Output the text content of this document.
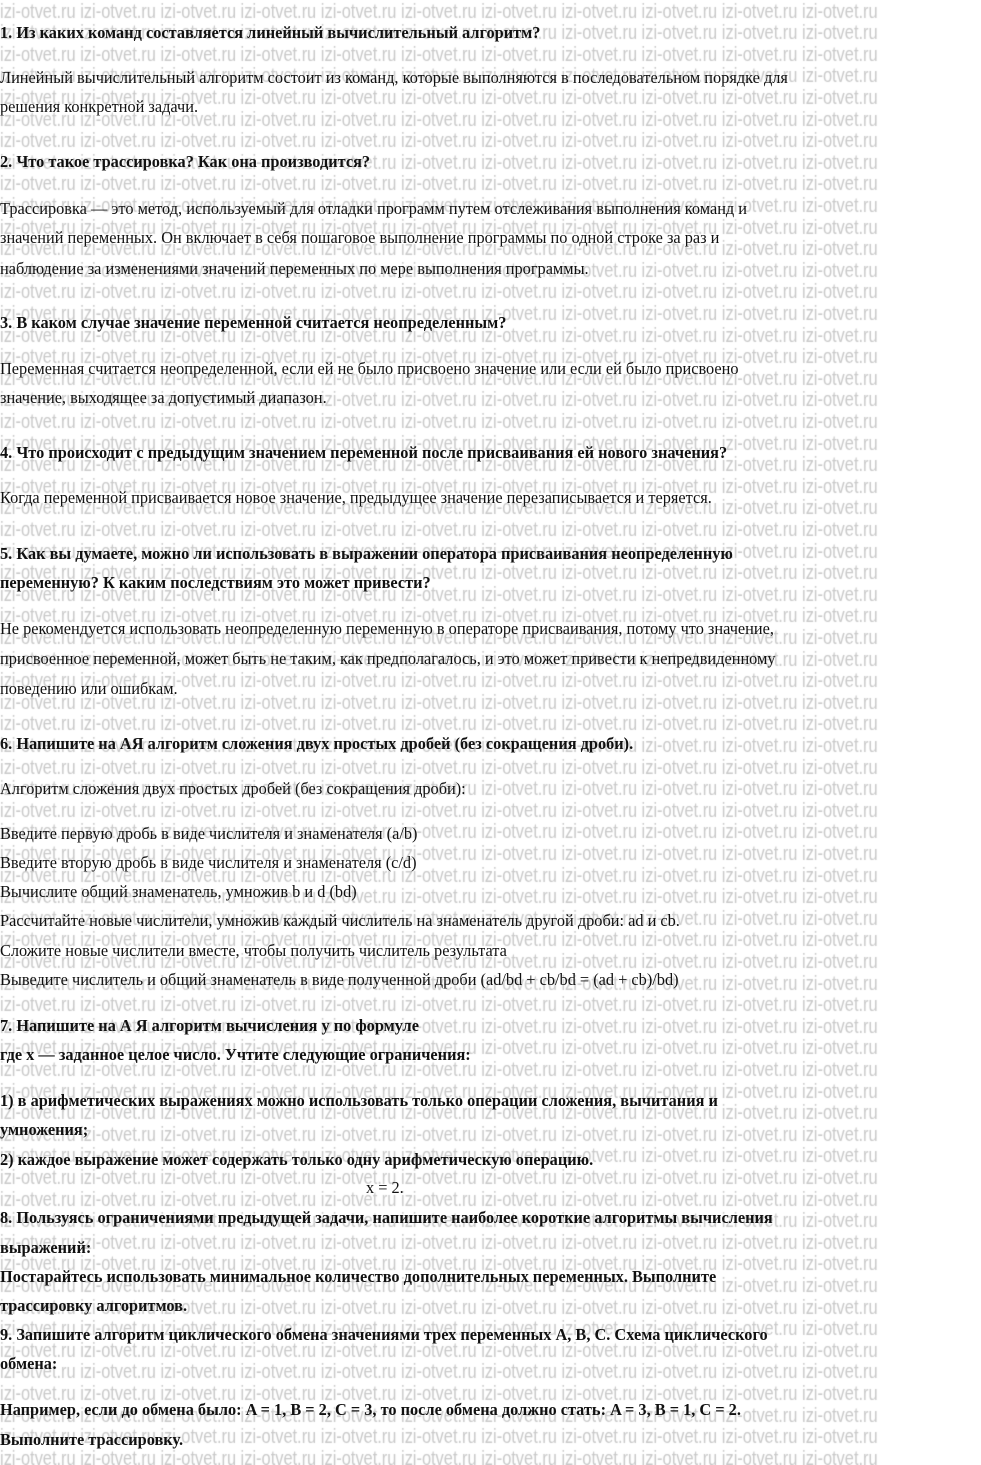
1. Из каких команд составляется линейный вычислительный алгоритм?
Линейный вычислительный алгоритм состоит из команд, которые выполняются в последовательном порядке для
решения конкретной задачи.
2. Что такое трассировка? Как она производится?
Трассировка — это метод, используемый для отладки программ путем отслеживания выполнения команд и
значений переменных. Он включает в себя пошаговое выполнение программы по одной строке за раз и
наблюдение за изменениями значений переменных по мере выполнения программы.
3. В каком случае значение переменной считается неопределенным?
Переменная считается неопределенной, если ей не было присвоено значение или если ей было присвоено
значение, выходящее за допустимый диапазон.
4. Что происходит с предыдущим значением переменной после присваивания ей нового значения?
Когда переменной присваивается новое значение, предыдущее значение перезаписывается и теряется.
5. Как вы думаете, можно ли использовать в выражении оператора присваивания неопределенную
переменную? К каким последствиям это может привести?
Не рекомендуется использовать неопределенную переменную в операторе присваивания, потому что значение,
присвоенное переменной, может быть не таким, как предполагалось, и это может привести к непредвиденному
поведению или ошибкам.
6. Напишите на АЯ алгоритм сложения двух простых дробей (без сокращения дроби).
Алгоритм сложения двух простых дробей (без сокращения дроби):
Введите первую дробь в виде числителя и знаменателя (a/b)
Введите вторую дробь в виде числителя и знаменателя (c/d)
Вычислите общий знаменатель, умножив b и d (bd)
Рассчитайте новые числители, умножив каждый числитель на знаменатель другой дроби: ad и cb.
Сложите новые числители вместе, чтобы получить числитель результата
Выведите числитель и общий знаменатель в виде полученной дроби (ad/bd + cb/bd = (ad + cb)/bd)
7. Напишите на А Я алгоритм вычисления у по формуле
где x — заданное целое число. Учтите следующие ограничения:
1) в арифметических выражениях можно использовать только операции сложения, вычитания и
умножения;
2) каждое выражение может содержать только одну арифметическую операцию.
x = 2.
8. Пользуясь ограничениями предыдущей задачи, напишите наиболее короткие алгоритмы вычисления
выражений:
Постарайтесь использовать минимальное количество дополнительных переменных. Выполните
трассировку алгоритмов.
9. Запишите алгоритм циклического обмена значениями трех переменных A, B, C. Схема циклического
обмена:
Например, если до обмена было: A = 1, B = 2, C = 3, то после обмена должно стать: A = 3, B = 1, C = 2.
Выполните трассировку.
